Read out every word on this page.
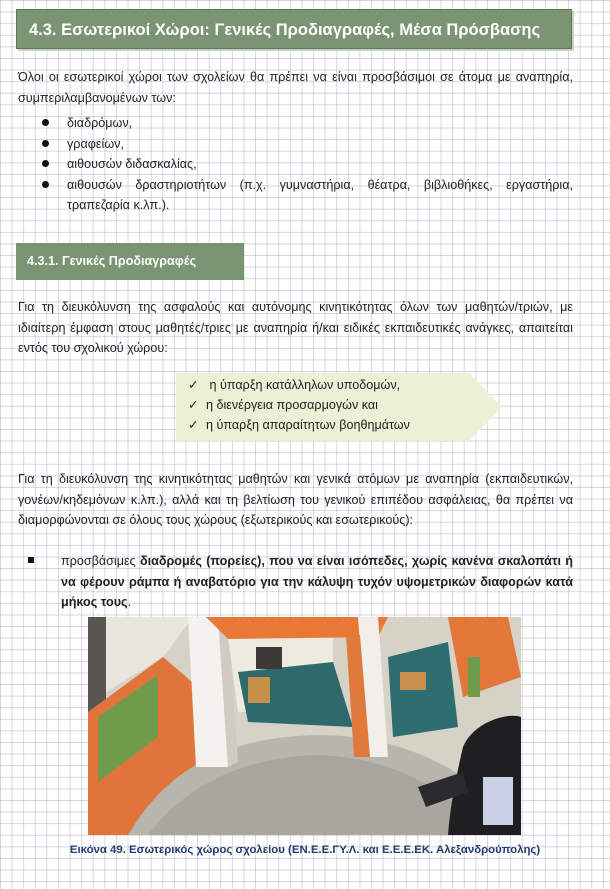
4.3. Εσωτερικοί Χώροι: Γενικές Προδιαγραφές, Μέσα Πρόσβασης

Όλοι οι εσωτερικοί χώροι των σχολείων θα πρέπει να είναι προσβάσιμοι σε άτομα με αναπηρία, συμπεριλαμβανομένων των:

διαδρόμων,
γραφείων,
αιθουσών διδασκαλίας,
αιθουσών δραστηριοτήτων (π.χ. γυμναστήρια, θέατρα, βιβλιοθήκες, εργαστήρια, τραπεζαρία κ.λπ.).
4.3.1. Γενικές Προδιαγραφές

Για τη διευκόλυνση της ασφαλούς και αυτόνομης κινητικότητας όλων των μαθητών/τριών, με ιδιαίτερη έμφαση στους μαθητές/τριες με αναπηρία ή/και ειδικές εκπαιδευτικές ανάγκες, απαιτείται εντός του σχολικού χώρου:

✓ η ύπαρξη κατάλληλων υποδομών,
✓ η διενέργεια προσαρμογών και
✓ η ύπαρξη απαραίτητων βοηθημάτων

Για τη διευκόλυνση της κινητικότητας μαθητών και γενικά ατόμων με αναπηρία (εκπαιδευτικών, γονέων/κηδεμόνων κ.λπ.), αλλά και τη βελτίωση του γενικού επιπέδου ασφάλειας, θα πρέπει να διαμορφώνονται σε όλους τους χώρους (εξωτερικούς και εσωτερικούς):

προσβάσιμες διαδρομές (πορείες), που να είναι ισόπεδες, χωρίς κανένα σκαλοπάτι ή να φέρουν ράμπα ή αναβατόριο για την κάλυψη τυχόν υψομετρικών διαφορών κατά μήκος τους.

Εικόνα 49. Εσωτερικός χώρος σχολείου (ΕΝ.Ε.Ε.ΓΥ.Λ. και Ε.Ε.Ε.ΕΚ. Αλεξανδρούπολης)
